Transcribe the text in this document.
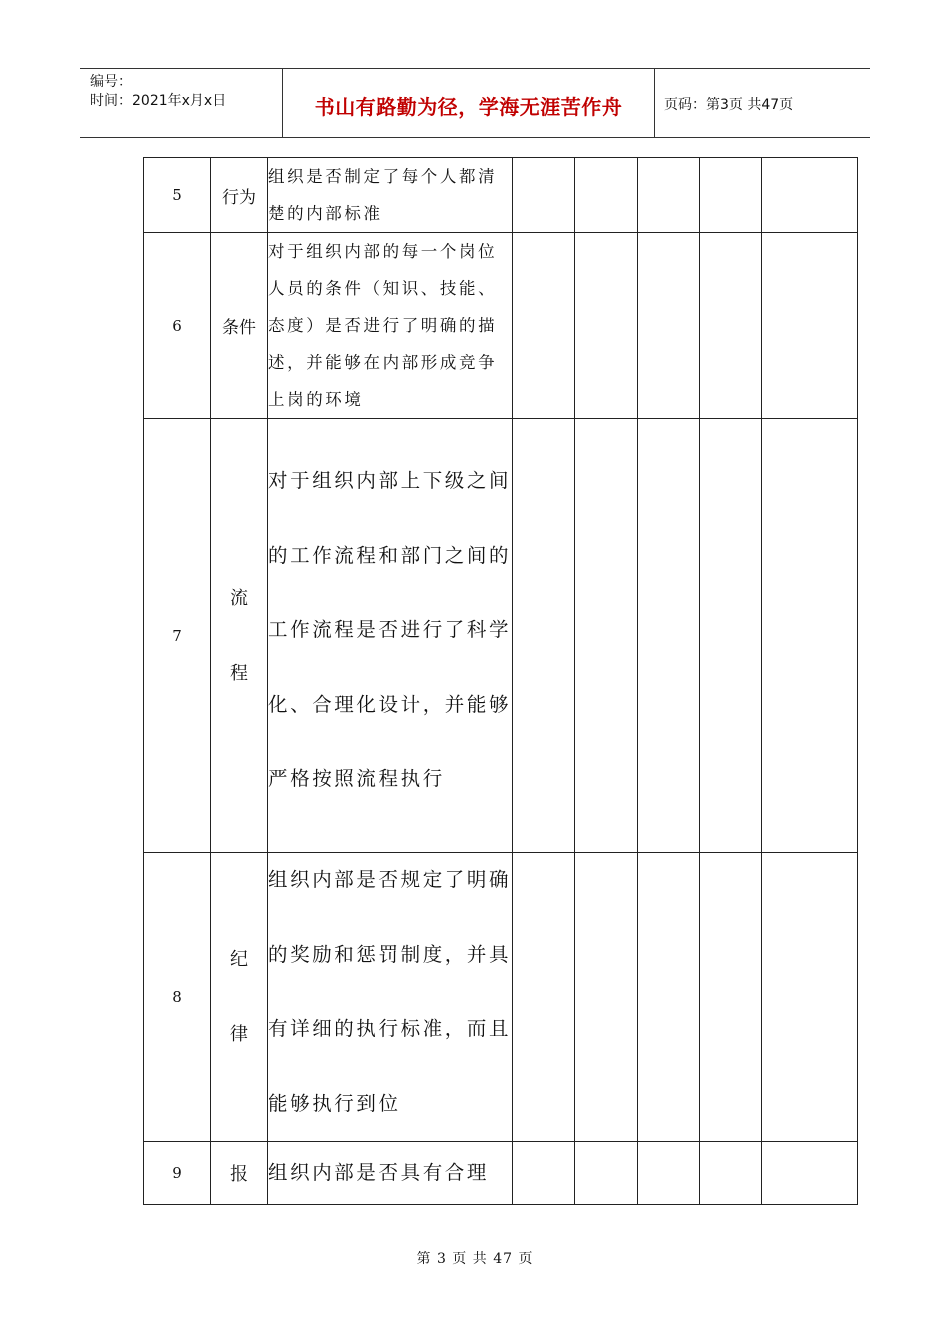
编号：
时间：2021年x月x日	书山有路勤为径，学海无涯苦作舟	页码：第3页 共47页
5	行为	组织是否制定了每个人都清楚的内部标准					

6	条件	对于组织内部的每一个岗位人员的条件（知识、技能、态度）是否进行了明确的描述，并能够在内部形成竞争上岗的环境					

7	流程	对于组织内部上下级之间的工作流程和部门之间的工作流程是否进行了科学化、合理化设计，并能够严格按照流程执行					

8	纪律	组织内部是否规定了明确的奖励和惩罚制度，并具有详细的执行标准，而且能够执行到位					

9	报	组织内部是否具有合理					

第 3 页 共 47 页
